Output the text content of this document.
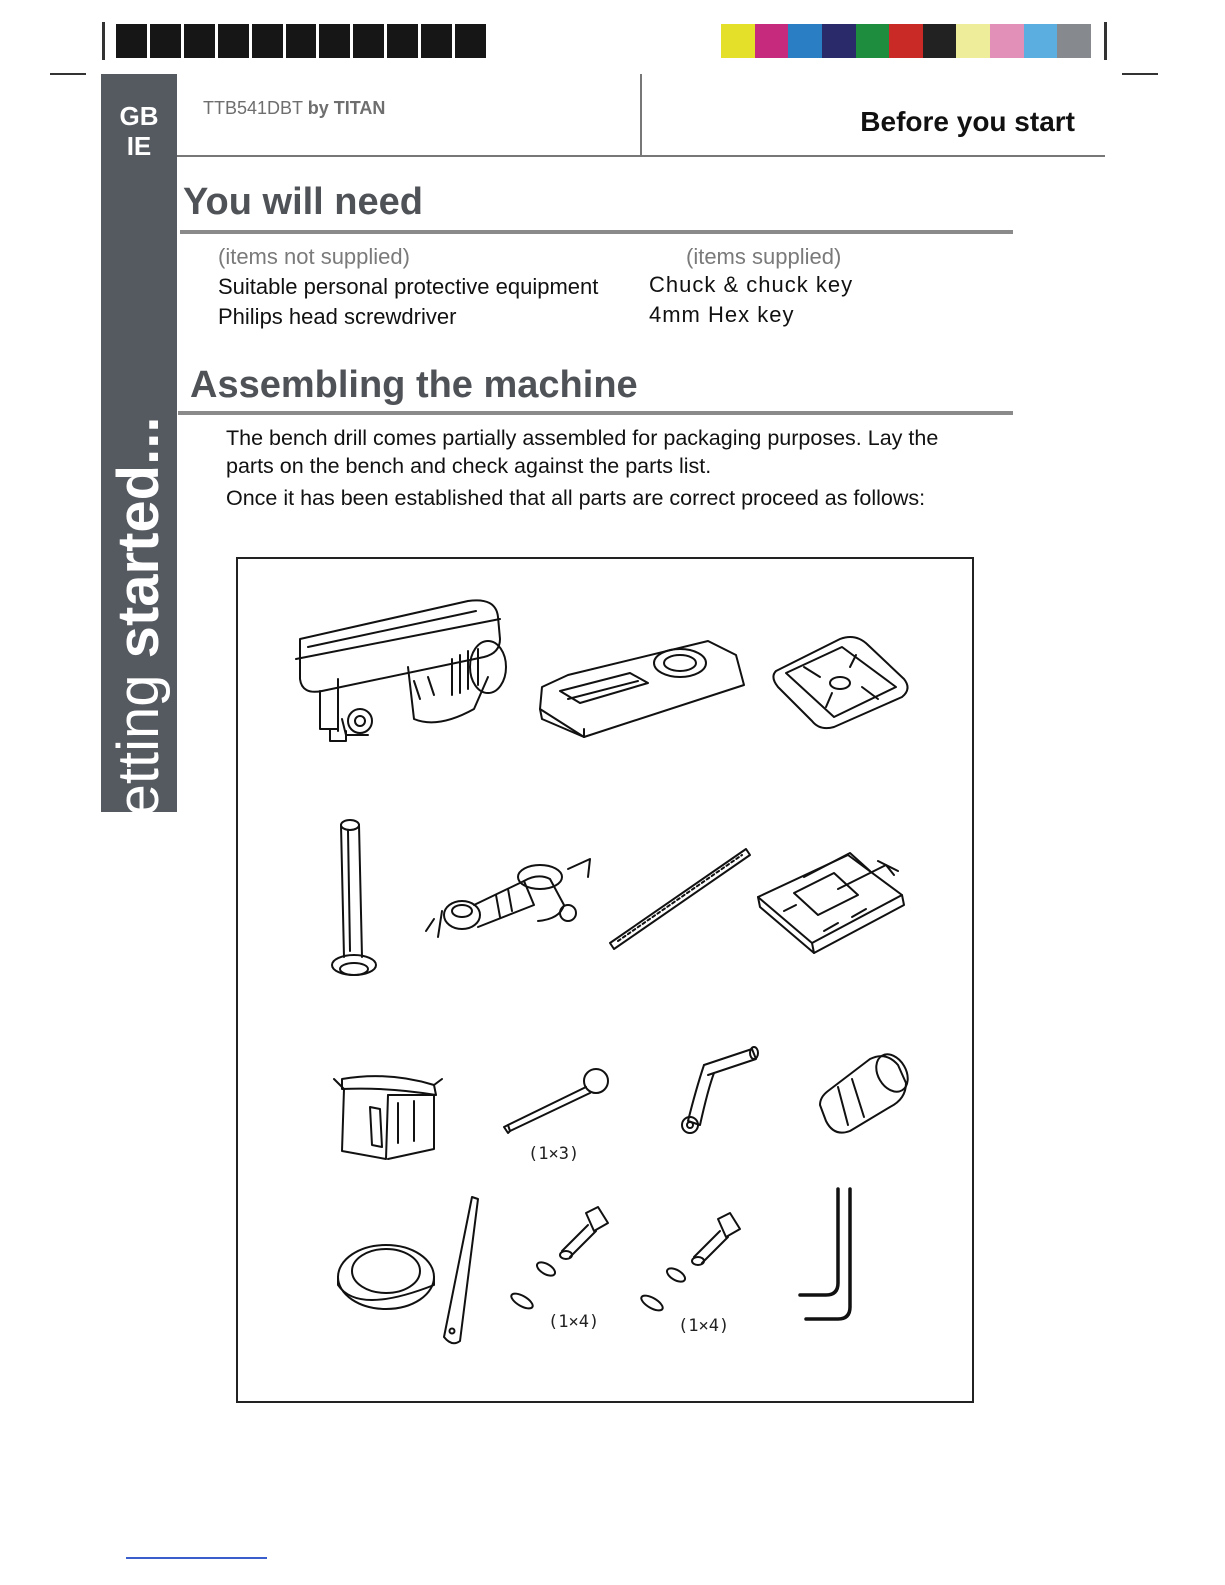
GB
IE
Getting started...
TTB541DBT by TITAN	Before you start
You will need
(items not supplied)
Suitable personal protective equipment
Philips head screwdriver
(items supplied)
Chuck & chuck key
4mm Hex key
Assembling the machine
The bench drill comes partially assembled for packaging purposes. Lay the
parts on the bench and check against the parts list.
Once it has been established that all parts are correct proceed as follows:
(1×3)
(1×4)	(1×4)
